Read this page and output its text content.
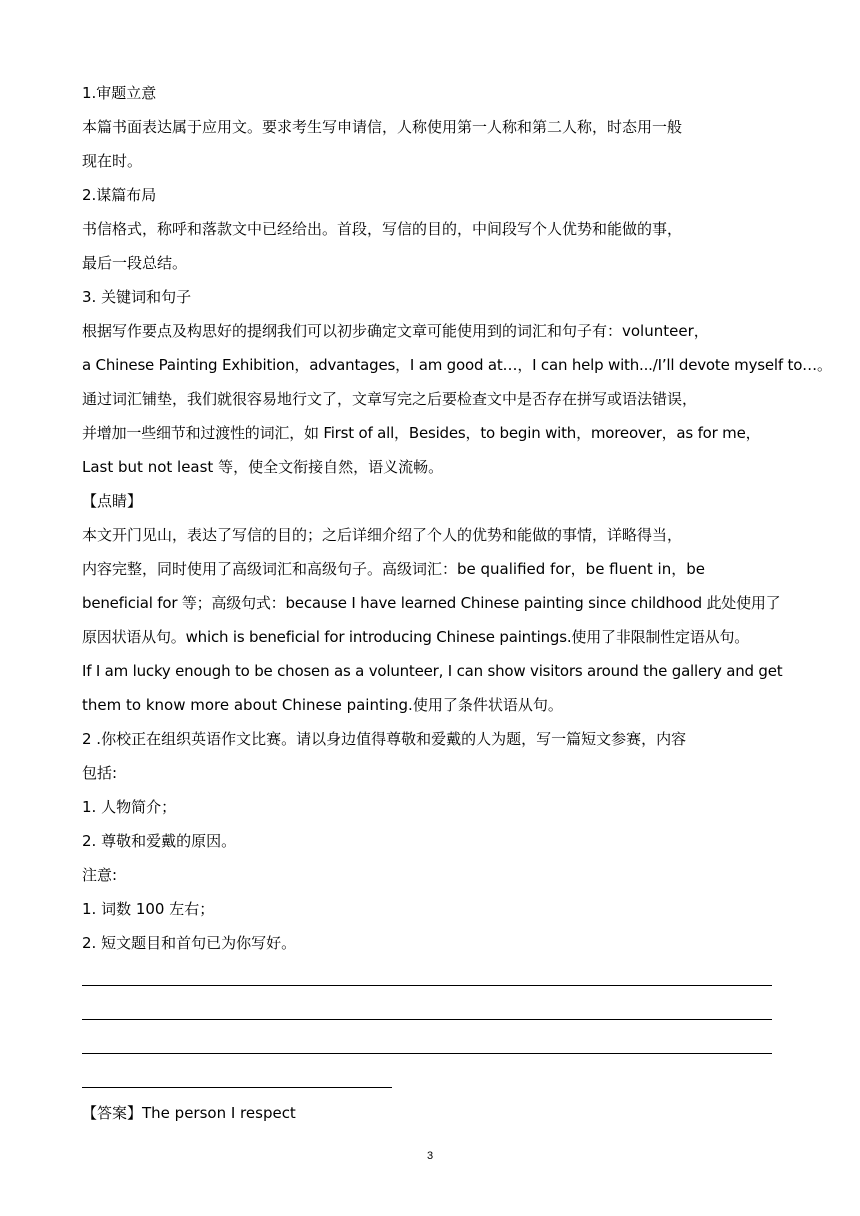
1.审题立意

本篇书面表达属于应用文。要求考生写申请信，人称使用第一人称和第二人称，时态用一般

现在时。

2.谋篇布局

书信格式，称呼和落款文中已经给出。首段，写信的目的，中间段写个人优势和能做的事，

最后一段总结。

3. 关键词和句子

根据写作要点及构思好的提纲我们可以初步确定文章可能使用到的词汇和句子有：volunteer，

a Chinese Painting Exhibition，advantages，I am good at…，I can help with.../I’ll devote myself to…。

通过词汇铺垫，我们就很容易地行文了，文章写完之后要检查文中是否存在拼写或语法错误，

并增加一些细节和过渡性的词汇，如 First of all，Besides，to begin with，moreover，as for me，

Last but not least 等，使全文衔接自然，语义流畅。

【点睛】

本文开门见山，表达了写信的目的；之后详细介绍了个人的优势和能做的事情，详略得当，

内容完整，同时使用了高级词汇和高级句子。高级词汇：be qualified for，be fluent in，be

beneficial for 等；高级句式：because I have learned Chinese painting since childhood 此处使用了

原因状语从句。which is beneficial for introducing Chinese paintings.使用了非限制性定语从句。

If I am lucky enough to be chosen as a volunteer, I can show visitors around the gallery and get

them to know more about Chinese painting.使用了条件状语从句。

2 .你校正在组织英语作文比赛。请以身边值得尊敬和爱戴的人为题，写一篇短文参赛，内容

包括:

1. 人物简介；

2. 尊敬和爱戴的原因。

注意:

1. 词数 100 左右；

2. 短文题目和首句已为你写好。

【答案】The person I respect

3
